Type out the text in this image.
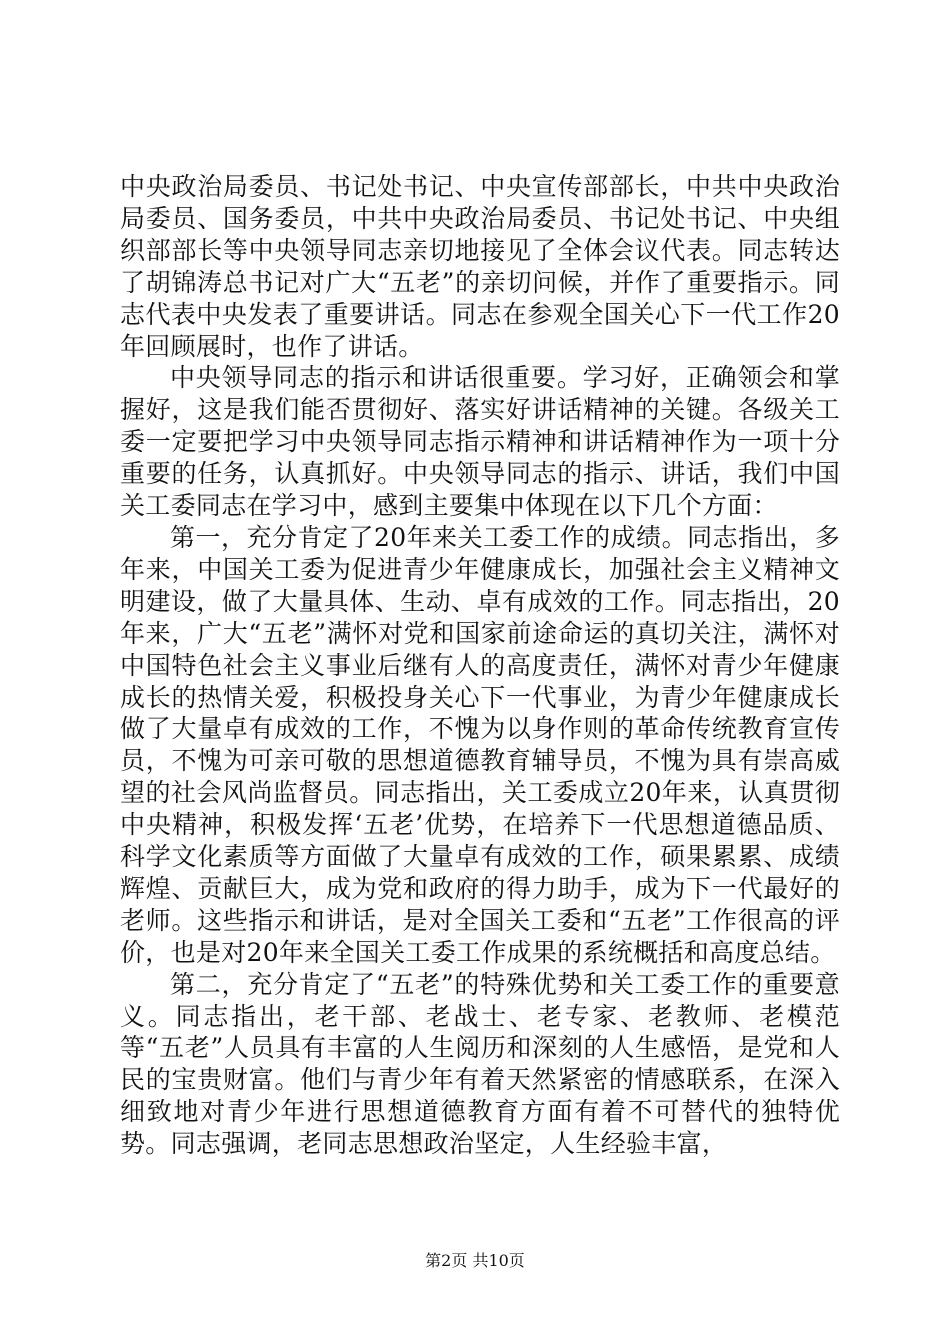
中央政治局委员、书记处书记、中央宣传部部长，中共中央政治局委员、国务委员，中共中央政治局委员、书记处书记、中央组织部部长等中央领导同志亲切地接见了全体会议代表。同志转达了胡锦涛总书记对广大“五老”的亲切问候，并作了重要指示。同志代表中央发表了重要讲话。同志在参观全国关心下一代工作20年回顾展时，也作了讲话。

中央领导同志的指示和讲话很重要。学习好，正确领会和掌握好，这是我们能否贯彻好、落实好讲话精神的关键。各级关工委一定要把学习中央领导同志指示精神和讲话精神作为一项十分重要的任务，认真抓好。中央领导同志的指示、讲话，我们中国关工委同志在学习中，感到主要集中体现在以下几个方面：

第一，充分肯定了20年来关工委工作的成绩。同志指出，多年来，中国关工委为促进青少年健康成长，加强社会主义精神文明建设，做了大量具体、生动、卓有成效的工作。同志指出，20年来，广大“五老”满怀对党和国家前途命运的真切关注，满怀对中国特色社会主义事业后继有人的高度责任，满怀对青少年健康成长的热情关爱，积极投身关心下一代事业，为青少年健康成长做了大量卓有成效的工作，不愧为以身作则的革命传统教育宣传员，不愧为可亲可敬的思想道德教育辅导员，不愧为具有崇高威望的社会风尚监督员。同志指出，关工委成立20年来，认真贯彻中央精神，积极发挥‘五老’优势，在培养下一代思想道德品质、科学文化素质等方面做了大量卓有成效的工作，硕果累累、成绩辉煌、贡献巨大，成为党和政府的得力助手，成为下一代最好的老师。这些指示和讲话，是对全国关工委和“五老”工作很高的评价，也是对20年来全国关工委工作成果的系统概括和高度总结。

第二，充分肯定了“五老”的特殊优势和关工委工作的重要意义。同志指出，老干部、老战士、老专家、老教师、老模范等“五老”人员具有丰富的人生阅历和深刻的人生感悟，是党和人民的宝贵财富。他们与青少年有着天然紧密的情感联系，在深入细致地对青少年进行思想道德教育方面有着不可替代的独特优势。同志强调，老同志思想政治坚定，人生经验丰富，

第2页 共10页
